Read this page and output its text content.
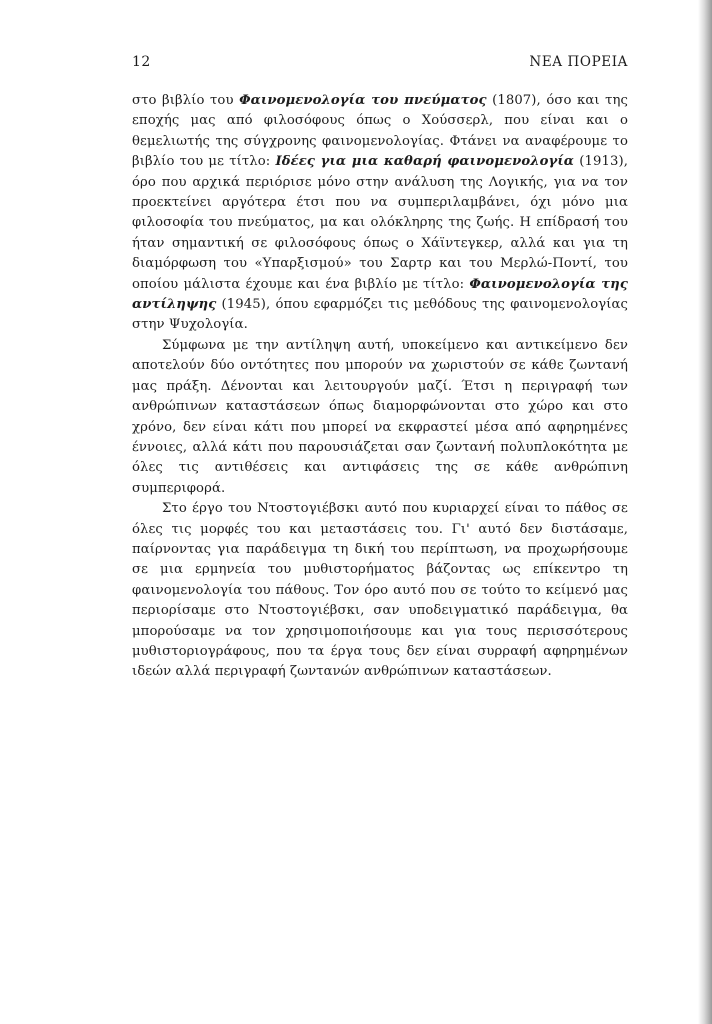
12	ΝΕΑ ΠΟΡΕΙΑ

στο βιβλίο του Φαινομενολογία του πνεύματος (1807), όσο και της εποχής μας από φιλοσόφους όπως ο Χούσσερλ, που είναι και ο θεμελιωτής της σύγχρονης φαινομενολογίας. Φτάνει να αναφέρουμε το βιβλίο του με τίτλο: Ιδέες για μια καθαρή φαινομενολογία (1913), όρο που αρχικά περιόρισε μόνο στην ανάλυση της Λογικής, για να τον προεκτείνει αργότερα έτσι που να συμπεριλαμβάνει, όχι μόνο μια φιλοσοφία του πνεύματος, μα και ολόκληρης της ζωής. Η επίδρασή του ήταν σημαντική σε φιλοσόφους όπως ο Χάϊντεγκερ, αλλά και για τη διαμόρφωση του «Υπαρξισμού» του Σαρτρ και του Μερλώ-Ποντί, του οποίου μάλιστα έχουμε και ένα βιβλίο με τίτλο: Φαινομενολογία της αντίληψης (1945), όπου εφαρμόζει τις μεθόδους της φαινομενολογίας στην Ψυχολογία.

Σύμφωνα με την αντίληψη αυτή, υποκείμενο και αντικείμενο δεν αποτελούν δύο οντότητες που μπορούν να χωριστούν σε κάθε ζωντανή μας πράξη. Δένονται και λειτουργούν μαζί. Έτσι η περιγραφή των ανθρώπινων καταστάσεων όπως διαμορφώνονται στο χώρο και στο χρόνο, δεν είναι κάτι που μπορεί να εκφραστεί μέσα από αφηρημένες έννοιες, αλλά κάτι που παρουσιάζεται σαν ζωντανή πολυπλοκότητα με όλες τις αντιθέσεις και αντιφάσεις της σε κάθε ανθρώπινη συμπεριφορά.

Στο έργο του Ντοστογιέβσκι αυτό που κυριαρχεί είναι το πάθος σε όλες τις μορφές του και μεταστάσεις του. Γι' αυτό δεν διστάσαμε, παίρνοντας για παράδειγμα τη δική του περίπτωση, να προχωρήσουμε σε μια ερμηνεία του μυθιστορήματος βάζοντας ως επίκεντρο τη φαινομενολογία του πάθους. Τον όρο αυτό που σε τούτο το κείμενό μας περιορίσαμε στο Ντοστογιέβσκι, σαν υποδειγματικό παράδειγμα, θα μπορούσαμε να τον χρησιμοποιήσουμε και για τους περισσότερους μυθιστοριογράφους, που τα έργα τους δεν είναι συρραφή αφηρημένων ιδεών αλλά περιγραφή ζωντανών ανθρώπινων καταστάσεων.
